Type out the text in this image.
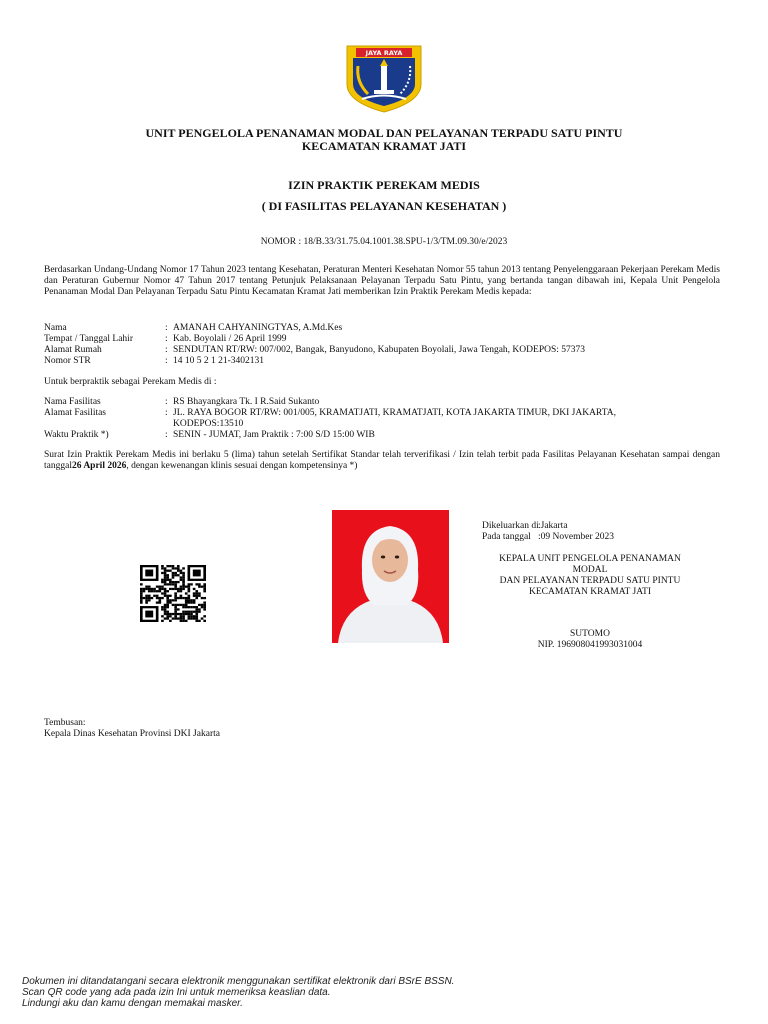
JAYA RAYA
UNIT PENGELOLA PENANAMAN MODAL DAN PELAYANAN TERPADU SATU PINTU
KECAMATAN KRAMAT JATI
IZIN PRAKTIK PEREKAM MEDIS
( DI FASILITAS PELAYANAN KESEHATAN )
NOMOR : 18/B.33/31.75.04.1001.38.SPU-1/3/TM.09.30/e/2023
Berdasarkan Undang-Undang Nomor 17 Tahun 2023 tentang Kesehatan, Peraturan Menteri Kesehatan Nomor 55 tahun 2013 tentang Penyelenggaraan Pekerjaan Perekam Medis dan Peraturan Gubernur Nomor 47 Tahun 2017 tentang Petunjuk Pelaksanaan Pelayanan Terpadu Satu Pintu, yang bertanda tangan dibawah ini, Kepala Unit Pengelola Penanaman Modal Dan Pelayanan Terpadu Satu Pintu Kecamatan Kramat Jati memberikan Izin Praktik Perekam Medis kepada:
Nama	: AMANAH CAHYANINGTYAS, A.Md.Kes
Tempat / Tanggal Lahir	: Kab. Boyolali / 26 April 1999
Alamat Rumah	: SENDUTAN RT/RW: 007/002, Bangak, Banyudono, Kabupaten Boyolali, Jawa Tengah, KODEPOS: 57373
Nomor STR	: 14 10 5 2 1 21-3402131
Untuk berpraktik sebagai Perekam Medis di :
Nama Fasilitas	: RS Bhayangkara Tk. I R.Said Sukanto
Alamat Fasilitas	: JL. RAYA BOGOR RT/RW: 001/005, KRAMATJATI, KRAMATJATI, KOTA JAKARTA TIMUR, DKI JAKARTA,
KODEPOS:13510
Waktu Praktik *)	: SENIN - JUMAT, Jam Praktik : 7:00 S/D 15:00 WIB
Surat Izin Praktik Perekam Medis ini berlaku 5 (lima) tahun setelah Sertifikat Standar telah terverifikasi / Izin telah terbit pada Fasilitas Pelayanan Kesehatan sampai dengan tanggal26 April 2026, dengan kewenangan klinis sesuai dengan kompetensinya *)
Dikeluarkan di :Jakarta
Pada tanggal :09 November 2023
KEPALA UNIT PENGELOLA PENANAMAN
MODAL
DAN PELAYANAN TERPADU SATU PINTU
KECAMATAN KRAMAT JATI
SUTOMO
NIP. 196908041993031004
Tembusan:
Kepala Dinas Kesehatan Provinsi DKI Jakarta
Dokumen ini ditandatangani secara elektronik menggunakan sertifikat elektronik dari BSrE BSSN.
Scan QR code yang ada pada izin Ini untuk memeriksa keaslian data.
Lindungi aku dan kamu dengan memakai masker.
